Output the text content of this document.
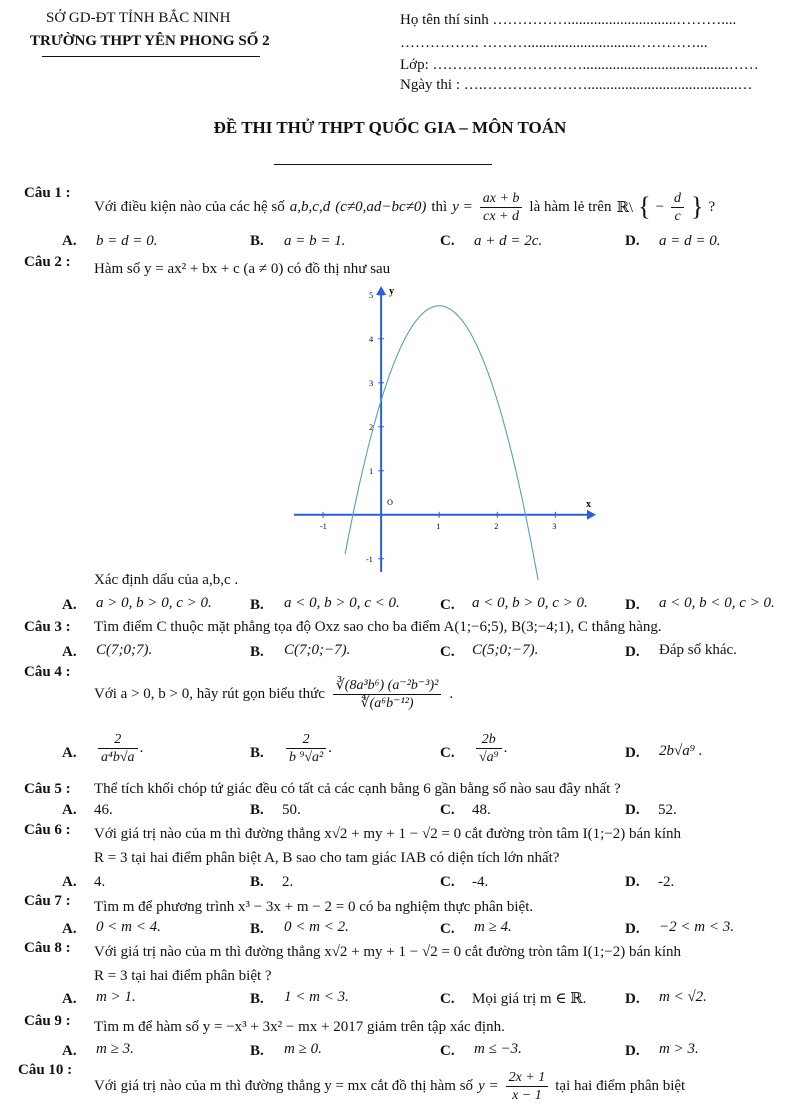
SỞ GD-ĐT TỈNH BẮC NINH
TRƯỜNG THPT YÊN PHONG SỐ 2
Họ tên thí sinh …………….............................………....
……………. ……….............................…………...
Lớp: ………………………….......................................……
Ngày thi : ….…………………........................................…
ĐỀ THI THỬ THPT QUỐC GIA – MÔN TOÁN
Câu 1 :
Với điều kiện nào của các hệ số a,b,c,d (c≠0,ad−bc≠0) thì $y = \frac{ax + b}{cx + d}$ là hàm lẻ trên ℝ\ { − $\frac{d}{c}$ } ?
A. b = d = 0.	B. a = b = 1.	C. a + d = 2c.	D. a = d = 0.
Câu 2 : Hàm số y = ax² + bx + c (a ≠ 0) có đồ thị như sau
-1	1	2	3
-1
1
2
3
4
5
x
y
O
Xác định dấu của a,b,c .
A. a > 0, b > 0, c > 0.	B. a < 0, b > 0, c < 0.	C. a < 0, b > 0, c > 0. D. a < 0, b < 0, c > 0.
Câu 3 : Tìm điểm C thuộc mặt phẳng tọa độ Oxz sao cho ba điểm A(1;−6;5), B(3;−4;1), C thẳng hàng.
A. C(7;0;7).	B. C(7;0;−7).	C. C(5;0;−7).	D. Đáp số khác.
Câu 4 :
Với a > 0, b > 0, hãy rút gọn biểu thức $\frac{\text{∛(8a³b⁶) (a⁻²b⁻³)²}}{\text{∜(a⁶b⁻¹²)}}$ .
A. $\frac{2}{\text{a⁴b√a}}$ .	B. $\frac{2}{\text{b ⁹√a²}}$ .	C. $\frac{2b}{\text{√a⁹}}$ .	D. 2b√a⁹ .
Câu 5 : Thể tích khối chóp tứ giác đều có tất cả các cạnh bằng 6 gần bằng số nào sau đây nhất ?
A. 46.	B. 50.	C. 48.	D. 52.
Câu 6 : Với giá trị nào của m thì đường thẳng x√2 + my + 1 − √2 = 0 cắt đường tròn tâm I(1;−2) bán kính
R = 3 tại hai điểm phân biệt A, B sao cho tam giác IAB có diện tích lớn nhất?
A. 4.	B. 2.	C. -4.	D. -2.
Câu 7 : Tìm m để phương trình x³ − 3x + m − 2 = 0 có ba nghiệm thực phân biệt.
A. 0 < m < 4.	B. 0 < m < 2.	C. m ≥ 4.	D. −2 < m < 3.
Câu 8 : Với giá trị nào của m thì đường thẳng x√2 + my + 1 − √2 = 0 cắt đường tròn tâm I(1;−2) bán kính
R = 3 tại hai điểm phân biệt ?
A. m > 1.	B. 1 < m < 3.	C. Mọi giá trị m ∈ ℝ.	D. m < √2.
Câu 9 : Tìm m để hàm số y = −x³ + 3x² − mx + 2017 giảm trên tập xác định.
A. m ≥ 3.	B. m ≥ 0.	C. m ≤ −3.	D. m > 3.
Câu 10 :
Với giá trị nào của m thì đường thẳng y = mx cắt đồ thị hàm số $y = \frac{2x + 1}{x - 1}$ tại hai điểm phân biệt
